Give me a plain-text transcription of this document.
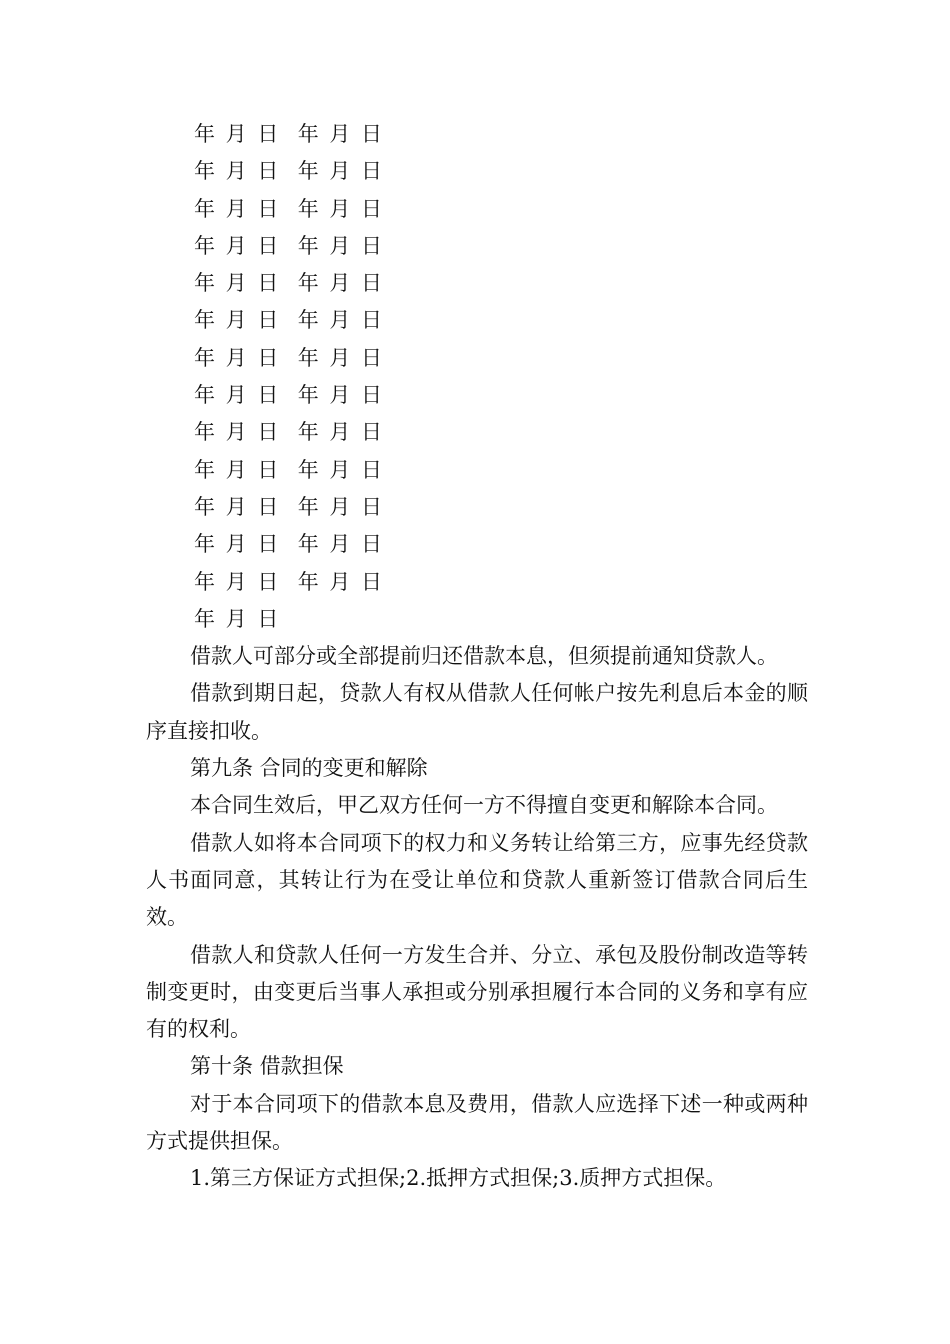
年 月 日  年 月 日
年 月 日  年 月 日
年 月 日  年 月 日
年 月 日  年 月 日
年 月 日  年 月 日
年 月 日  年 月 日
年 月 日  年 月 日
年 月 日  年 月 日
年 月 日  年 月 日
年 月 日  年 月 日
年 月 日  年 月 日
年 月 日  年 月 日
年 月 日  年 月 日
年 月 日

借款人可部分或全部提前归还借款本息，但须提前通知贷款人。

借款到期日起，贷款人有权从借款人任何帐户按先利息后本金的顺序直接扣收。

第九条 合同的变更和解除

本合同生效后，甲乙双方任何一方不得擅自变更和解除本合同。

借款人如将本合同项下的权力和义务转让给第三方，应事先经贷款人书面同意，其转让行为在受让单位和贷款人重新签订借款合同后生效。

借款人和贷款人任何一方发生合并、分立、承包及股份制改造等转制变更时，由变更后当事人承担或分别承担履行本合同的义务和享有应有的权利。

第十条 借款担保

对于本合同项下的借款本息及费用，借款人应选择下述一种或两种方式提供担保。

1.第三方保证方式担保;2.抵押方式担保;3.质押方式担保。
